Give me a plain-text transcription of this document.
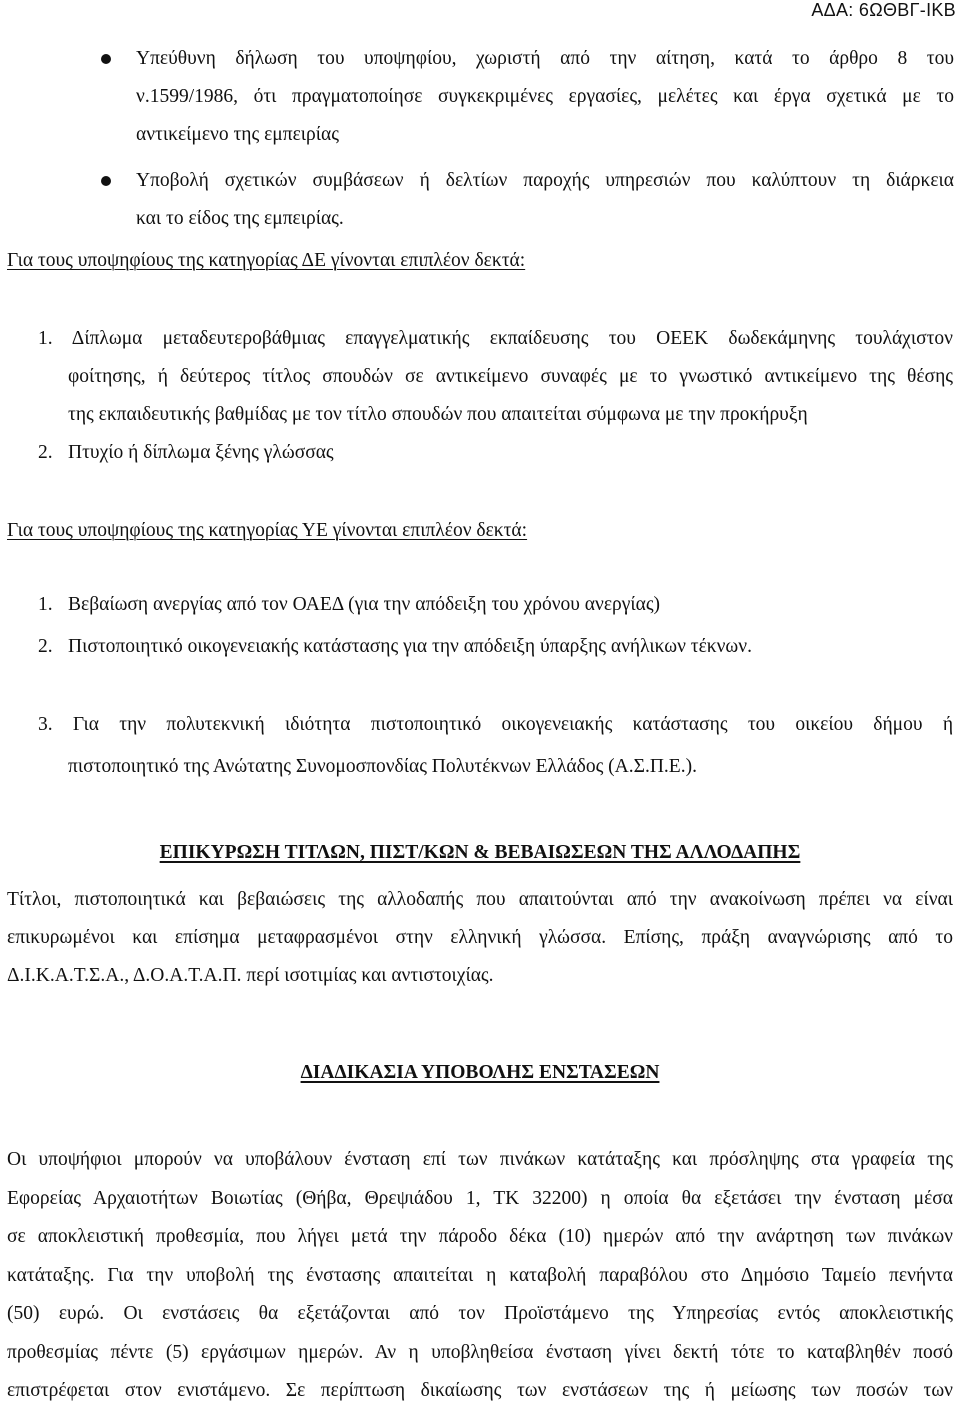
ΑΔΑ: 6ΩΘΒΓ-ΙΚΒ
Υπεύθυνη δήλωση του υποψηφίου, χωριστή από την αίτηση, κατά το άρθρο 8 του
ν.1599/1986, ότι πραγματοποίησε συγκεκριμένες εργασίες, μελέτες και έργα σχετικά με το
αντικείμενο της εμπειρίας
Υποβολή σχετικών συμβάσεων ή δελτίων παροχής υπηρεσιών που καλύπτουν τη διάρκεια
και το είδος της εμπειρίας.
Για τους υποψηφίους της κατηγορίας ΔΕ γίνονται επιπλέον δεκτά:
1. Δίπλωμα μεταδευτεροβάθμιας επαγγελματικής εκπαίδευσης του ΟΕΕΚ δωδεκάμηνης τουλάχιστον
φοίτησης, ή δεύτερος τίτλος σπουδών σε αντικείμενο συναφές με το γνωστικό αντικείμενο της θέσης
της εκπαιδευτικής βαθμίδας με τον τίτλο σπουδών που απαιτείται σύμφωνα με την προκήρυξη
2. Πτυχίο ή δίπλωμα ξένης γλώσσας
Για τους υποψηφίους της κατηγορίας ΥΕ γίνονται επιπλέον δεκτά:
1. Βεβαίωση ανεργίας από τον ΟΑΕΔ (για την απόδειξη του χρόνου ανεργίας)
2. Πιστοποιητικό οικογενειακής κατάστασης για την απόδειξη ύπαρξης ανήλικων τέκνων.
3. Για την πολυτεκνική ιδιότητα πιστοποιητικό οικογενειακής κατάστασης του οικείου δήμου ή
πιστοποιητικό της Ανώτατης Συνομοσπονδίας Πολυτέκνων Ελλάδος (Α.Σ.Π.Ε.).
ΕΠΙΚΥΡΩΣΗ ΤΙΤΛΩΝ, ΠΙΣΤ/ΚΩΝ & ΒΕΒΑΙΩΣΕΩΝ ΤΗΣ ΑΛΛΟΔΑΠΗΣ
Τίτλοι, πιστοποιητικά και βεβαιώσεις της αλλοδαπής που απαιτούνται από την ανακοίνωση πρέπει να είναι
επικυρωμένοι και επίσημα μεταφρασμένοι στην ελληνική γλώσσα. Επίσης, πράξη αναγνώρισης από το
Δ.Ι.Κ.Α.Τ.Σ.Α., Δ.Ο.Α.Τ.Α.Π. περί ισοτιμίας και αντιστοιχίας.
ΔΙΑΔΙΚΑΣΙΑ ΥΠΟΒΟΛΗΣ ΕΝΣΤΑΣΕΩΝ
Οι υποψήφιοι μπορούν να υποβάλουν ένσταση επί των πινάκων κατάταξης και πρόσληψης στα γραφεία της
Εφορείας Αρχαιοτήτων Βοιωτίας (Θήβα, Θρεψιάδου 1, ΤΚ 32200) η οποία θα εξετάσει την ένσταση μέσα
σε αποκλειστική προθεσμία, που λήγει μετά την πάροδο δέκα (10) ημερών από την ανάρτηση των πινάκων
κατάταξης. Για την υποβολή της ένστασης απαιτείται η καταβολή παραβόλου στο Δημόσιο Ταμείο πενήντα
(50) ευρώ. Οι ενστάσεις θα εξετάζονται από τον Προϊστάμενο της Υπηρεσίας εντός αποκλειστικής
προθεσμίας πέντε (5) εργάσιμων ημερών. Αν η υποβληθείσα ένσταση γίνει δεκτή τότε το καταβληθέν ποσό
επιστρέφεται στον ενιστάμενο. Σε περίπτωση δικαίωσης των ενστάσεων της ή μείωσης των ποσών των
